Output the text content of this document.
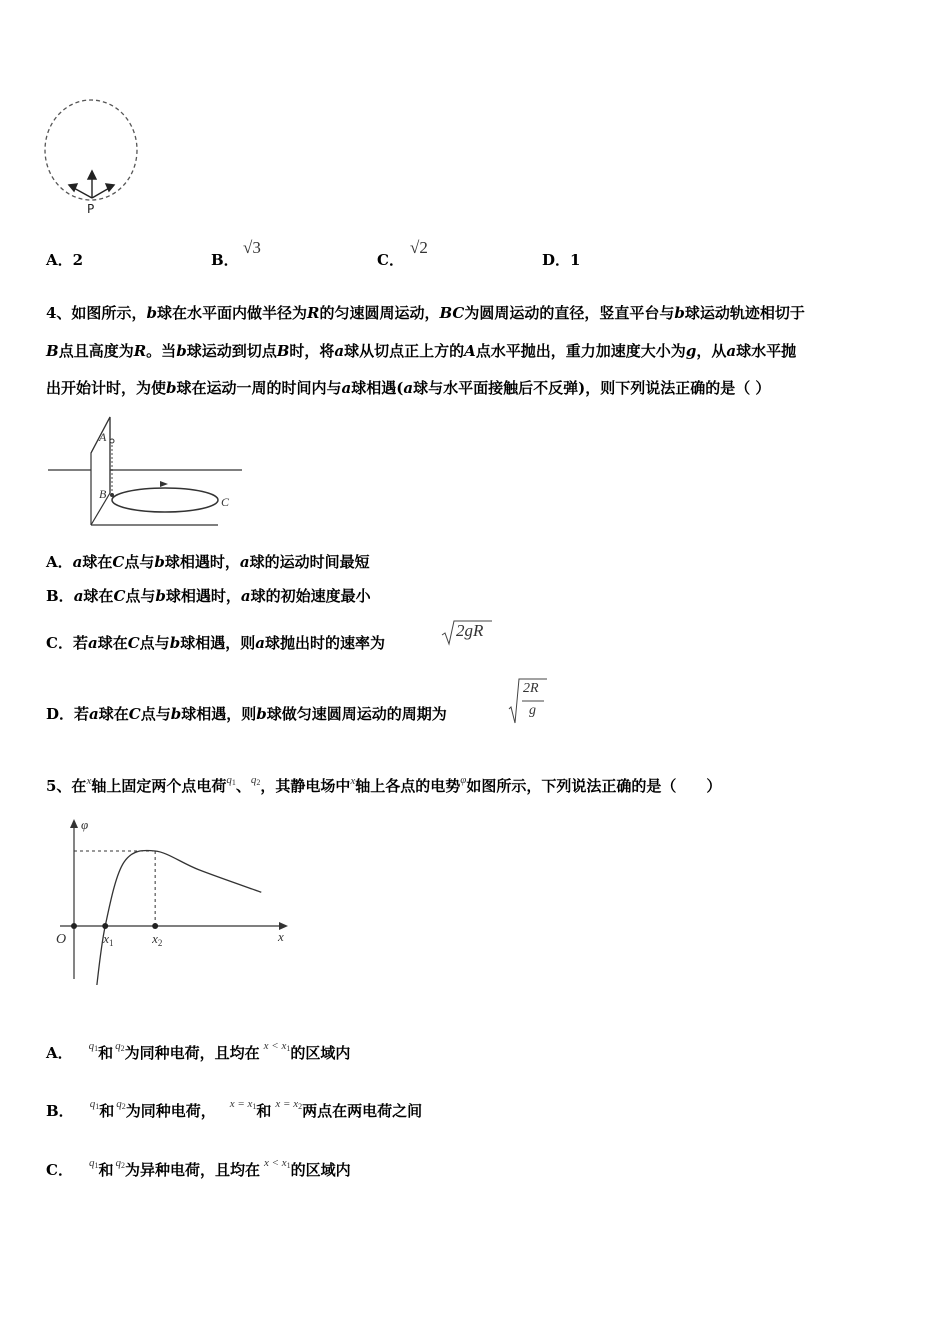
P
A．2	B．
√3
C．
√2
D．1
4、如图所示，b球在水平面内做半径为R的匀速圆周运动，BC为圆周运动的直径，竖直平台与b球运动轨迹相切于
B点且高度为R。当b球运动到切点B时，将a球从切点正上方的A点水平抛出，重力加速度大小为g，从a球水平抛
出开始计时，为使b球在运动一周的时间内与a球相遇(a球与水平面接触后不反弹)，则下列说法正确的是（ ）
A
B
C
A．a球在C点与b球相遇时，a球的运动时间最短
B．a球在C点与b球相遇时，a球的初始速度最小
C．若a球在C点与b球相遇，则a球抛出时的速率为
2gR
D．若a球在C点与b球相遇，则b球做匀速圆周运动的周期为
2R
g
5、在$^x$轴上固定两个点电荷$^{q_1}$、$^{q_2}$，其静电场中$^x$轴上各点的电势$^\varphi$如图所示，下列说法正确的是（　　）
φ
x
O	$x_1$	$x_2$
A． $^{q_1}$和 $^{q_2}$为同种电荷，且均在 $^{x < x_1}$的区域内
B． $^{q_1}$和 $^{q_2}$为同种电荷， $^{x = x_1}$和 $^{x = x_2}$两点在两电荷之间
C． $^{q_1}$和 $^{q_2}$为异种电荷，且均在 $^{x < x_1}$的区域内
